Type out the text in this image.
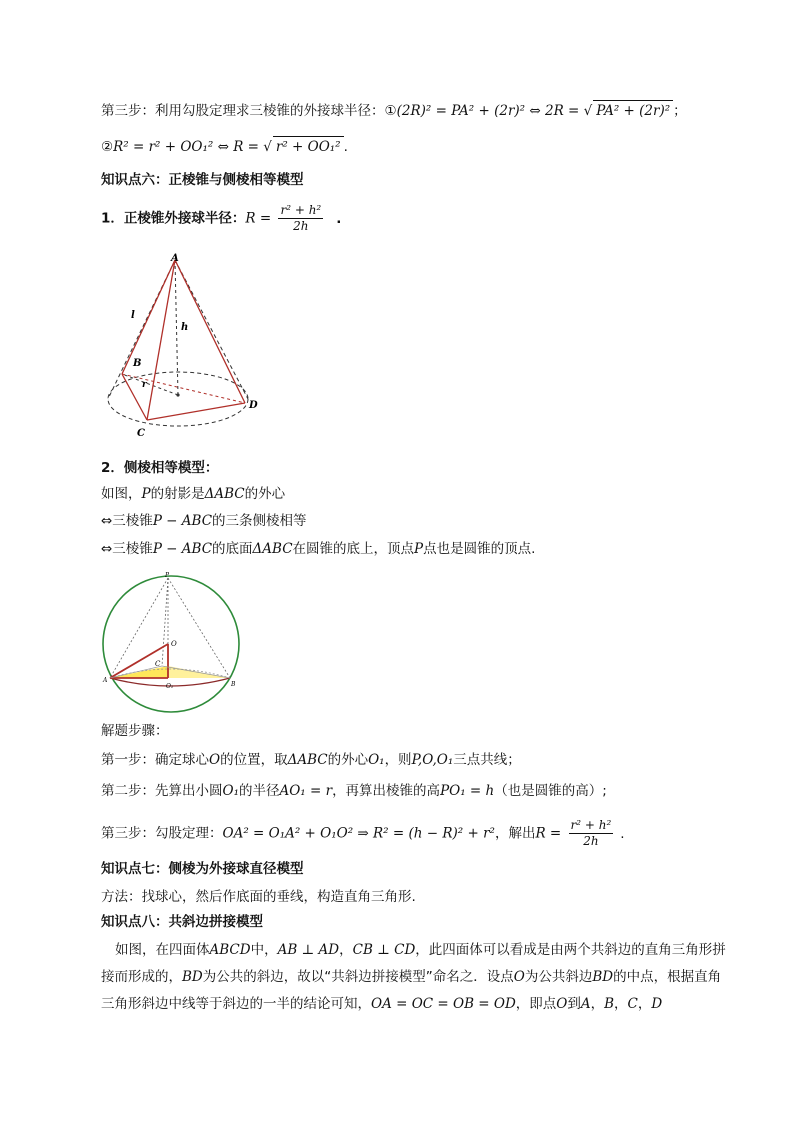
第三步：利用勾股定理求三棱锥的外接球半径：①(2R)² = PA² + (2r)² ⇔ 2R = √ PA² + (2r)² ；
②R² = r² + OO₁² ⇔ R = √ r² + OO₁² .
知识点六：正棱锥与侧棱相等模型
1．正棱锥外接球半径：$R = \frac{\text{r² + h²}}{2h}$ .
A
l
h
B
r
D
C
2．侧棱相等模型：
如图，P的射影是ΔABC的外心
⇔三棱锥P − ABC的三条侧棱相等
⇔三棱锥P − ABC的底面ΔABC在圆锥的底上，顶点P点也是圆锥的顶点.
P
O
C
A
B
O₁
解题步骤：
第一步：确定球心O的位置，取ΔABC的外心O₁，则P,O,O₁三点共线；
第二步：先算出小圆O₁的半径AO₁ = r，再算出棱锥的高PO₁ = h（也是圆锥的高）;
第三步：勾股定理：OA² = O₁A² + O₁O² ⇒ R² = (h − R)² + r²，解出$R = \frac{\text{r² + h²}}{2h}$ .
知识点七：侧棱为外接球直径模型
方法：找球心，然后作底面的垂线，构造直角三角形.
知识点八：共斜边拼接模型
如图，在四面体ABCD中，AB ⊥ AD，CB ⊥ CD，此四面体可以看成是由两个共斜边的直角三角形拼
接而形成的，BD为公共的斜边，故以“共斜边拼接模型”命名之．设点O为公共斜边BD的中点，根据直角
三角形斜边中线等于斜边的一半的结论可知，OA = OC = OB = OD，即点O到A，B，C，D
